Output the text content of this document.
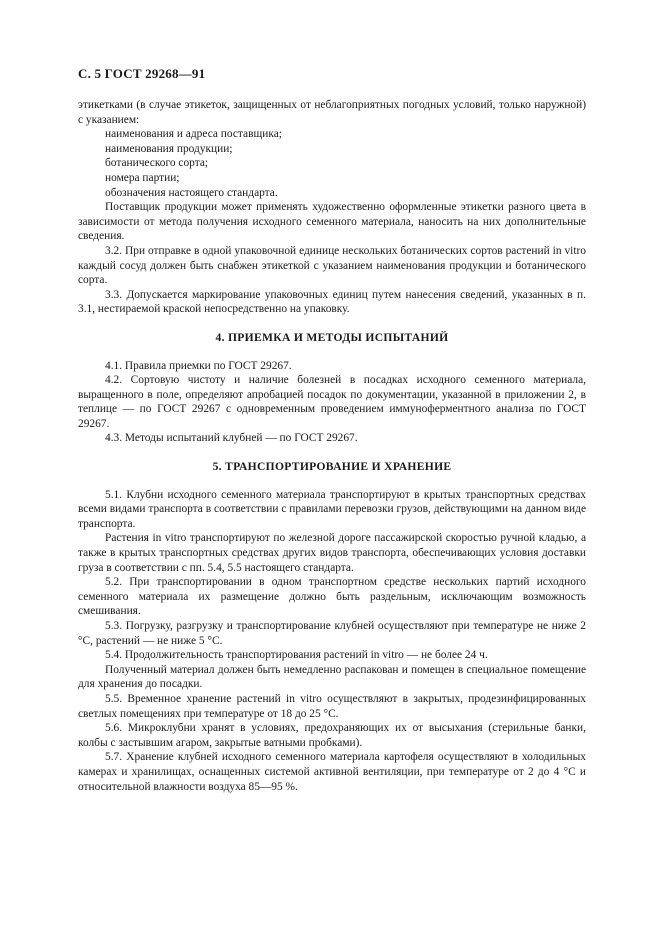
С. 5 ГОСТ 29268—91

этикетками (в случае этикеток, защищенных от неблагоприятных погодных условий, только наружной) с указанием:

наименования и адреса поставщика;

наименования продукции;

ботанического сорта;

номера партии;

обозначения настоящего стандарта.

Поставщик продукции может применять художественно оформленные этикетки разного цвета в зависимости от метода получения исходного семенного материала, наносить на них дополнительные сведения.

3.2. При отправке в одной упаковочной единице нескольких ботанических сортов растений in vitro каждый сосуд должен быть снабжен этикеткой с указанием наименования продукции и ботанического сорта.

3.3. Допускается маркирование упаковочных единиц путем нанесения сведений, указанных в п. 3.1, нестираемой краской непосредственно на упаковку.

4. ПРИЕМКА И МЕТОДЫ ИСПЫТАНИЙ

4.1. Правила приемки по ГОСТ 29267.

4.2. Сортовую чистоту и наличие болезней в посадках исходного семенного материала, выращенного в поле, определяют апробацией посадок по документации, указанной в приложении 2, в теплице — по ГОСТ 29267 с одновременным проведением иммуноферментного анализа по ГОСТ 29267.

4.3. Методы испытаний клубней — по ГОСТ 29267.

5. ТРАНСПОРТИРОВАНИЕ И ХРАНЕНИЕ

5.1. Клубни исходного семенного материала транспортируют в крытых транспортных средствах всеми видами транспорта в соответствии с правилами перевозки грузов, действующими на данном виде транспорта.

Растения in vitro транспортируют по железной дороге пассажирской скоростью ручной кладью, а также в крытых транспортных средствах других видов транспорта, обеспечивающих условия доставки груза в соответствии с пп. 5.4, 5.5 настоящего стандарта.

5.2. При транспортировании в одном транспортном средстве нескольких партий исходного семенного материала их размещение должно быть раздельным, исключающим возможность смешивания.

5.3. Погрузку, разгрузку и транспортирование клубней осуществляют при температуре не ниже 2 °С, растений — не ниже 5 °С.

5.4. Продолжительность транспортирования растений in vitro — не более 24 ч.

Полученный материал должен быть немедленно распакован и помещен в специальное помещение для хранения до посадки.

5.5. Временное хранение растений in vitro осуществляют в закрытых, продезинфицированных светлых помещениях при температуре от 18 до 25 °С.

5.6. Микроклубни хранят в условиях, предохраняющих их от высыхания (стерильные банки, колбы с застывшим агаром, закрытые ватными пробками).

5.7. Хранение клубней исходного семенного материала картофеля осуществляют в холодильных камерах и хранилищах, оснащенных системой активной вентиляции, при температуре от 2 до 4 °С и относительной влажности воздуха 85—95 %.
